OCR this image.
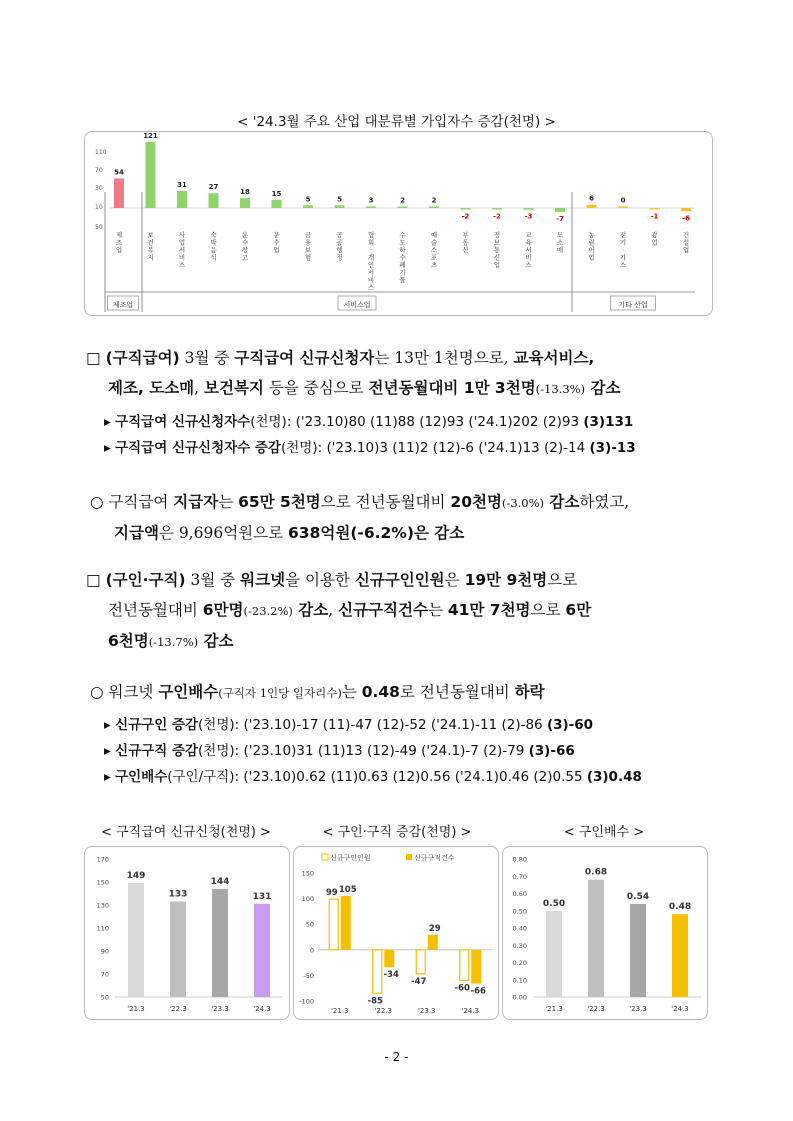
< '24.3월 주요 산업 대분류별 가입자수 증감(천명) >
110
70
30
10
50
54
제 조 업
121
보 건 복 지
31
사 업 서 비 스
27
숙 박 음 식
18
운 수 창 고
15
운 수 업
5
금 융 보 험
5
공 공 행 정
3
협 회 · 개 인 서 비 스
2
수 도 하 수 폐 기 물
2
예 술 스 포 츠
-2
부 동 산
-2
정 보 통 신 업
-3
교 육 서 비 스
-7
도 소 매
6
농 림 어 업
0
전 기 · 가 스
-1
광 업
-6
건 설 업
제조업	서비스업	기타 산업
□ (구직급여) 3월 중 구직급여 신규신청자는 13만 1천명으로, 교육서비스,
제조, 도소매, 보건복지 등을 중심으로 전년동월대비 1만 3천명(-13.3%) 감소
▸ 구직급여 신규신청자수(천명): ('23.10)80 (11)88 (12)93 ('24.1)202 (2)93 (3)131
▸ 구직급여 신규신청자수 증감(천명): ('23.10)3 (11)2 (12)-6 ('24.1)13 (2)-14 (3)-13
○ 구직급여 지급자는 65만 5천명으로 전년동월대비 20천명(-3.0%) 감소하였고,
지급액은 9,696억원으로 638억원(-6.2%)은 감소
□ (구인·구직) 3월 중 워크넷을 이용한 신규구인인원은 19만 9천명으로
전년동월대비 6만명(-23.2%) 감소, 신규구직건수는 41만 7천명으로 6만
6천명(-13.7%) 감소
○ 워크넷 구인배수(구직자 1인당 일자리수)는 0.48로 전년동월대비 하락
▸ 신규구인 증감(천명): ('23.10)-17 (11)-47 (12)-52 ('24.1)-11 (2)-86 (3)-60
▸ 신규구직 증감(천명): ('23.10)31 (11)13 (12)-49 ('24.1)-7 (2)-79 (3)-66
▸ 구인배수(구인/구직): ('23.10)0.62 (11)0.63 (12)0.56 ('24.1)0.46 (2)0.55 (3)0.48
< 구직급여 신규신청(천명) >	< 구인·구직 증감(천명) >	< 구인배수 >
50
70
90
110
130
150
170
149
'21.3
133
'22.3
144
'23.3
131
'24.3
-100
-50
0
50
100
150
신규구인인원	신규구직건수
99 105
'21.3
-85
-34
'22.3
-47
29
'23.3
-60 -66
'24.3
0.00
0.10
0.20
0.30
0.40
0.50
0.60
0.70
0.80
0.50
'21.3
0.68
'22.3
0.54
'23.3
0.48
'24.3
- 2 -
